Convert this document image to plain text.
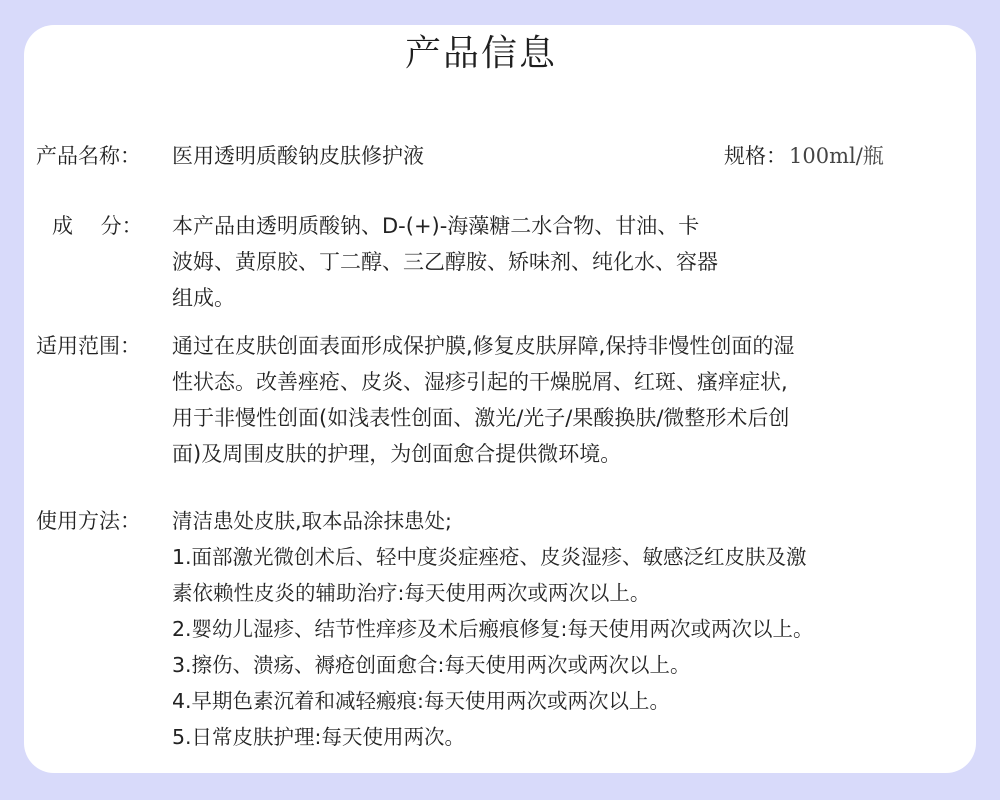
产品信息
产品名称： 医用透明质酸钠皮肤修护液	规格： 100ml/瓶
成　 分： 本产品由透明质酸钠、D-(+)-海藻糖二水合物、甘油、卡
波姆、黄原胶、丁二醇、三乙醇胺、矫味剂、纯化水、容器
组成。
适用范围： 通过在皮肤创面表面形成保护膜,修复皮肤屏障,保持非慢性创面的湿
性状态。改善痤疮、皮炎、湿疹引起的干燥脱屑、红斑、瘙痒症状,
用于非慢性创面(如浅表性创面、激光/光子/果酸换肤/微整形术后创
面)及周围皮肤的护理，为创面愈合提供微环境。
使用方法： 清洁患处皮肤,取本品涂抹患处;
1.面部激光微创术后、轻中度炎症痤疮、皮炎湿疹、敏感泛红皮肤及激
素依赖性皮炎的辅助治疗:每天使用两次或两次以上。
2.婴幼儿湿疹、结节性痒疹及术后瘢痕修复:每天使用两次或两次以上。
3.擦伤、溃疡、褥疮创面愈合:每天使用两次或两次以上。
4.早期色素沉着和减轻瘢痕:每天使用两次或两次以上。
5.日常皮肤护理:每天使用两次。
